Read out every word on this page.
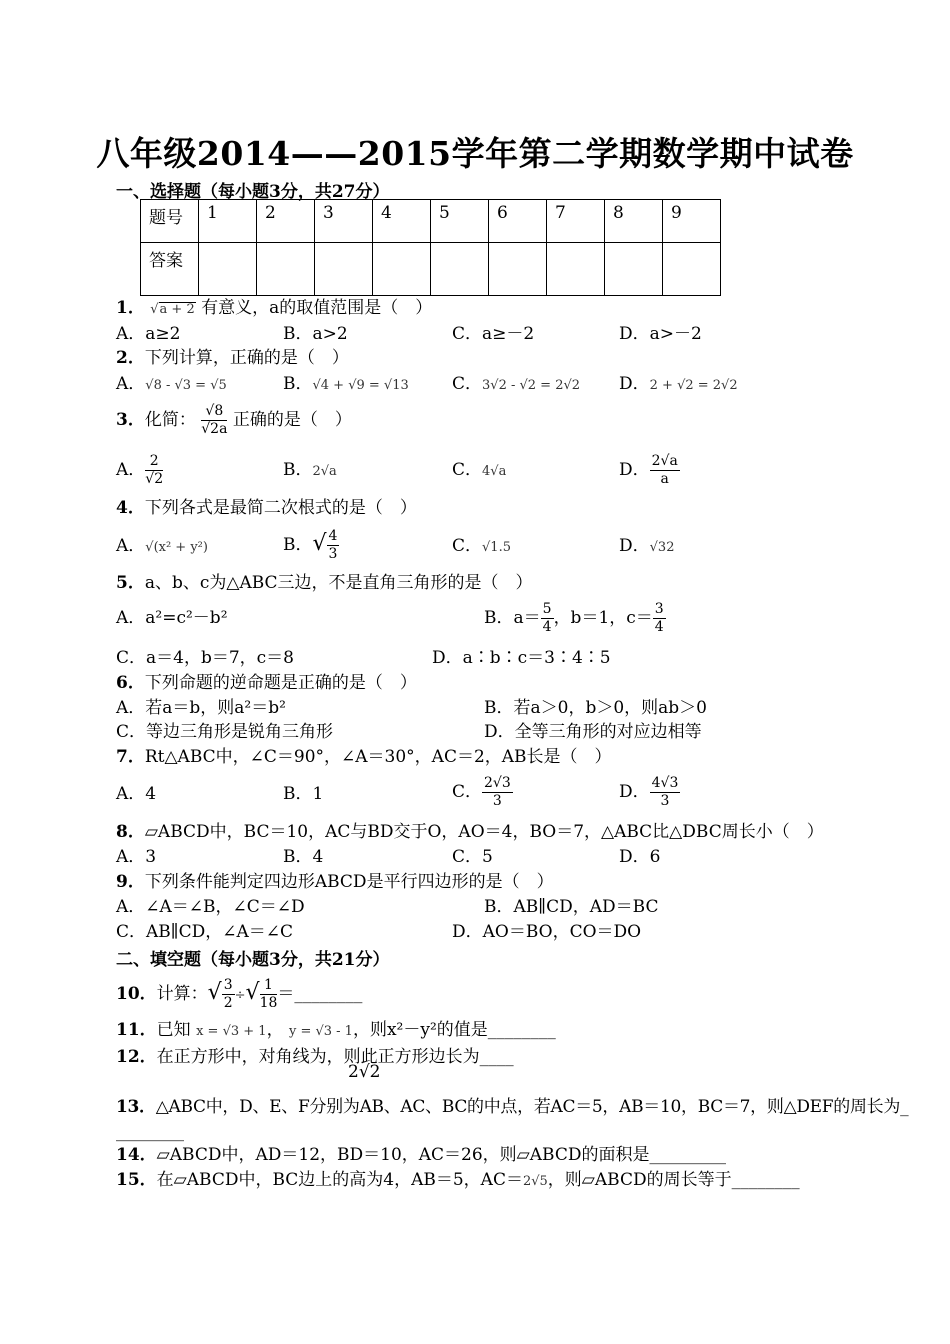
八年级2014——2015学年第二学期数学期中试卷
一、选择题（每小题3分，共27分）
题号	1	2	3	4	5	6	7	8	9
答案									
1． √a + 2 有意义，a的取值范围是（　）
A．a≥2	B．a>2	C．a≥－2	D．a>－2
2．下列计算，正确的是（　）
A．√8 - √3 = √5	B．√4 + √9 = √13	C．3√2 - √2 = 2√2 D．2 + √2 = 2√2
3．化简： $\frac{√8}{√2a}$ 正确的是（　）
A． $\frac{2}{√2}$	B．2√a	C．4√a	D． $\frac{2√a}{a}$
4．下列各式是最简二次根式的是（　）
A．√(x² + y²)	B．√ $\frac{4}{3}$	C．√1.5	D．√32
5．a、b、c为△ABC三边，不是直角三角形的是（　）
A．a²=c²－b²	B．$a= \frac{5}{4}$ ，b＝1，$c= \frac{3}{4}$
C．a＝4，b＝7，c＝8	D．a∶b∶c＝3∶4∶5
6．下列命题的逆命题是正确的是（　）
A．若a＝b，则a²＝b²	B．若a＞0，b＞0，则ab＞0
C．等边三角形是锐角三角形	D．全等三角形的对应边相等
7．Rt△ABC中，∠C＝90°，∠A＝30°，AC＝2，AB长是（　）
A．4	B．1	C． $\frac{2√3}{3}$	D． $\frac{4√3}{3}$
8．▱ABCD中，BC＝10，AC与BD交于O，AO＝4，BO＝7，△ABC比△DBC周长小（　）
A．3	B．4	C．5	D．6
9．下列条件能判定四边形ABCD是平行四边形的是（　）
A．∠A＝∠B，∠C＝∠D	B．AB∥CD，AD＝BC
C．AB∥CD，∠A＝∠C	D．AO＝BO，CO＝DO
二、填空题（每小题3分，共21分）
10．计算：√ $\frac{3}{2}$ ÷√ $\frac{1}{18}$ ＝________
11．已知 x = √3 + 1， y = √3 - 1，则x²－y²的值是________
12．在正方形中，对角线为，则此正方形边长为____
2√2
13．△ABC中，D、E、F分别为AB、AC、BC的中点，若AC＝5，AB＝10，BC＝7，则△DEF的周长为_
________
14．▱ABCD中，AD＝12，BD＝10，AC＝26，则▱ABCD的面积是_________
15．在▱ABCD中，BC边上的高为4，AB＝5，AC＝2√5，则▱ABCD的周长等于________
